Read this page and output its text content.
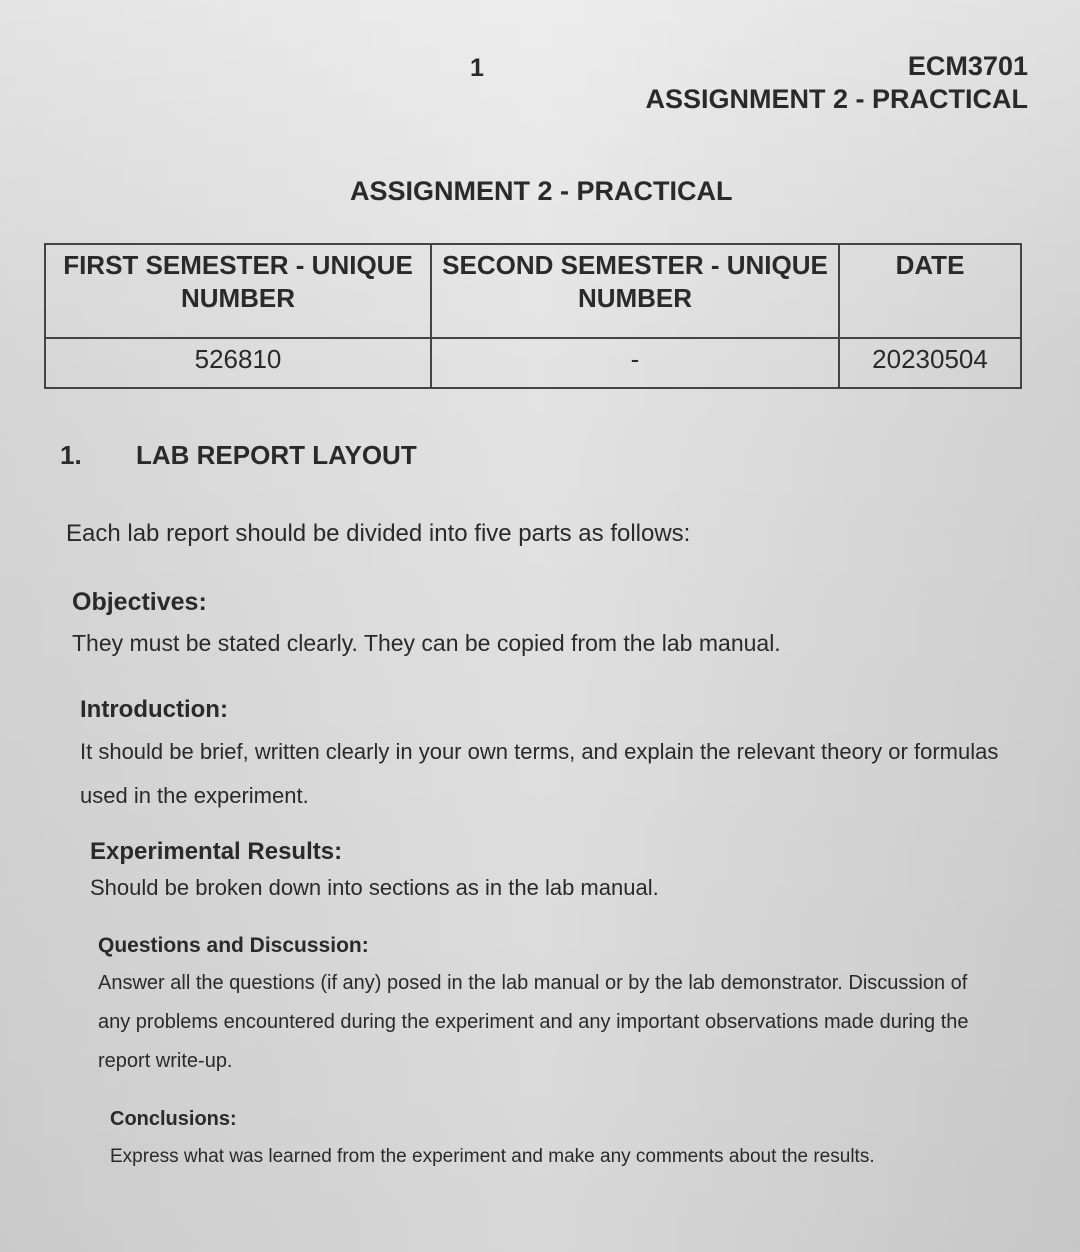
1	ECM3701
ASSIGNMENT 2 - PRACTICAL
ASSIGNMENT 2 - PRACTICAL
FIRST SEMESTER - UNIQUE NUMBER	SECOND SEMESTER - UNIQUE NUMBER	DATE
526810	-	20230504
1. LAB REPORT LAYOUT
Each lab report should be divided into five parts as follows:
Objectives:
They must be stated clearly. They can be copied from the lab manual.
Introduction:
It should be brief, written clearly in your own terms, and explain the relevant theory or formulas used in the experiment.
Experimental Results:
Should be broken down into sections as in the lab manual.
Questions and Discussion:
Answer all the questions (if any) posed in the lab manual or by the lab demonstrator. Discussion of any problems encountered during the experiment and any important observations made during the report write-up.
Conclusions:
Express what was learned from the experiment and make any comments about the results.
